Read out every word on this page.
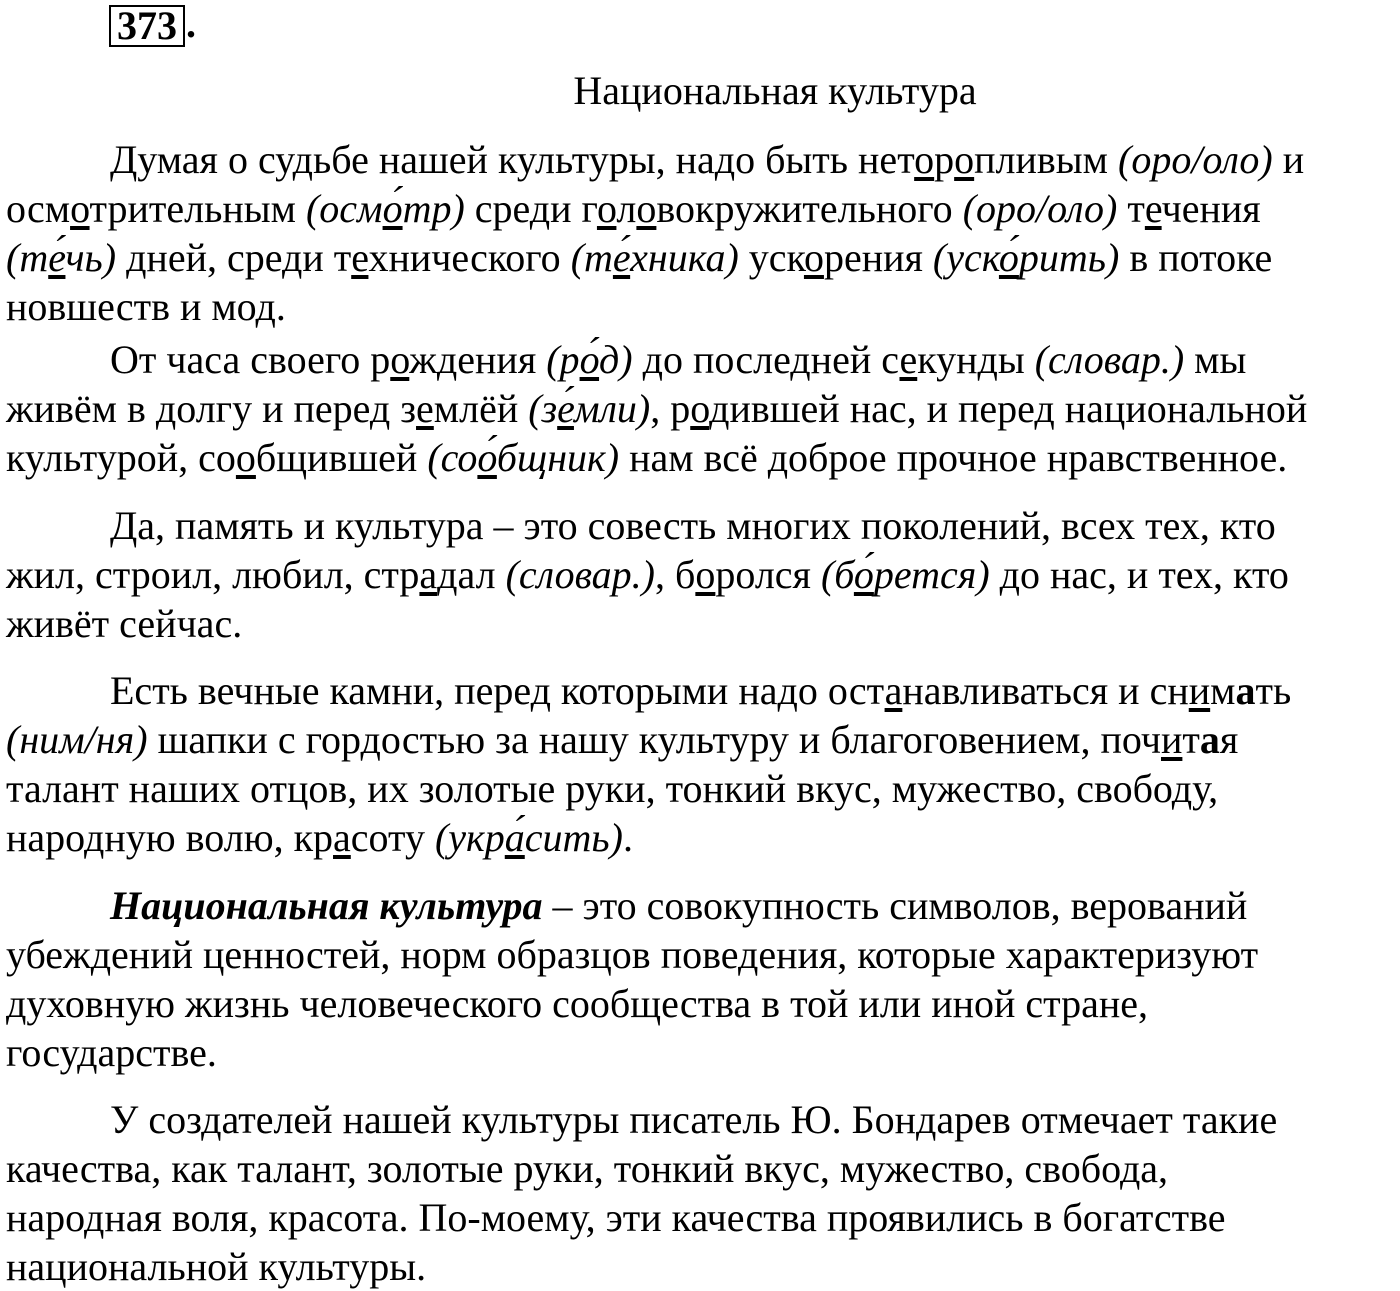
373 .
Национальная культура
Думая о судьбе нашей культуры, надо быть неторопливым (оро/оло) и
осмотрительным (осмо́тр) среди головокружительного (оро/оло) течения
(те́чь) дней, среди технического (те́хника) ускорения (уско́рить) в потоке
новшеств и мод.
От часа своего рождения (ро́д) до последней секунды (словар.) мы
живём в долгу и перед землёй (зе́мли), родившей нас, и перед национальной
культурой, сообщившей (соо́бщник) нам всё доброе прочное нравственное.
Да, память и культура – это совесть многих поколений, всех тех, кто
жил, строил, любил, страдал (словар.), боролся (бо́рется) до нас, и тех, кто
живёт сейчас.
Есть вечные камни, перед которыми надо останавливаться и снимать
(ним/ня) шапки с гордостью за нашу культуру и благоговением, почитая
талант наших отцов, их золотые руки, тонкий вкус, мужество, свободу,
народную волю, красоту (укра́сить).
Национальная культура – это совокупность символов, верований
убеждений ценностей, норм образцов поведения, которые характеризуют
духовную жизнь человеческого сообщества в той или иной стране,
государстве.
У создателей нашей культуры писатель Ю. Бондарев отмечает такие
качества, как талант, золотые руки, тонкий вкус, мужество, свобода,
народная воля, красота. По-моему, эти качества проявились в богатстве
национальной культуры.
